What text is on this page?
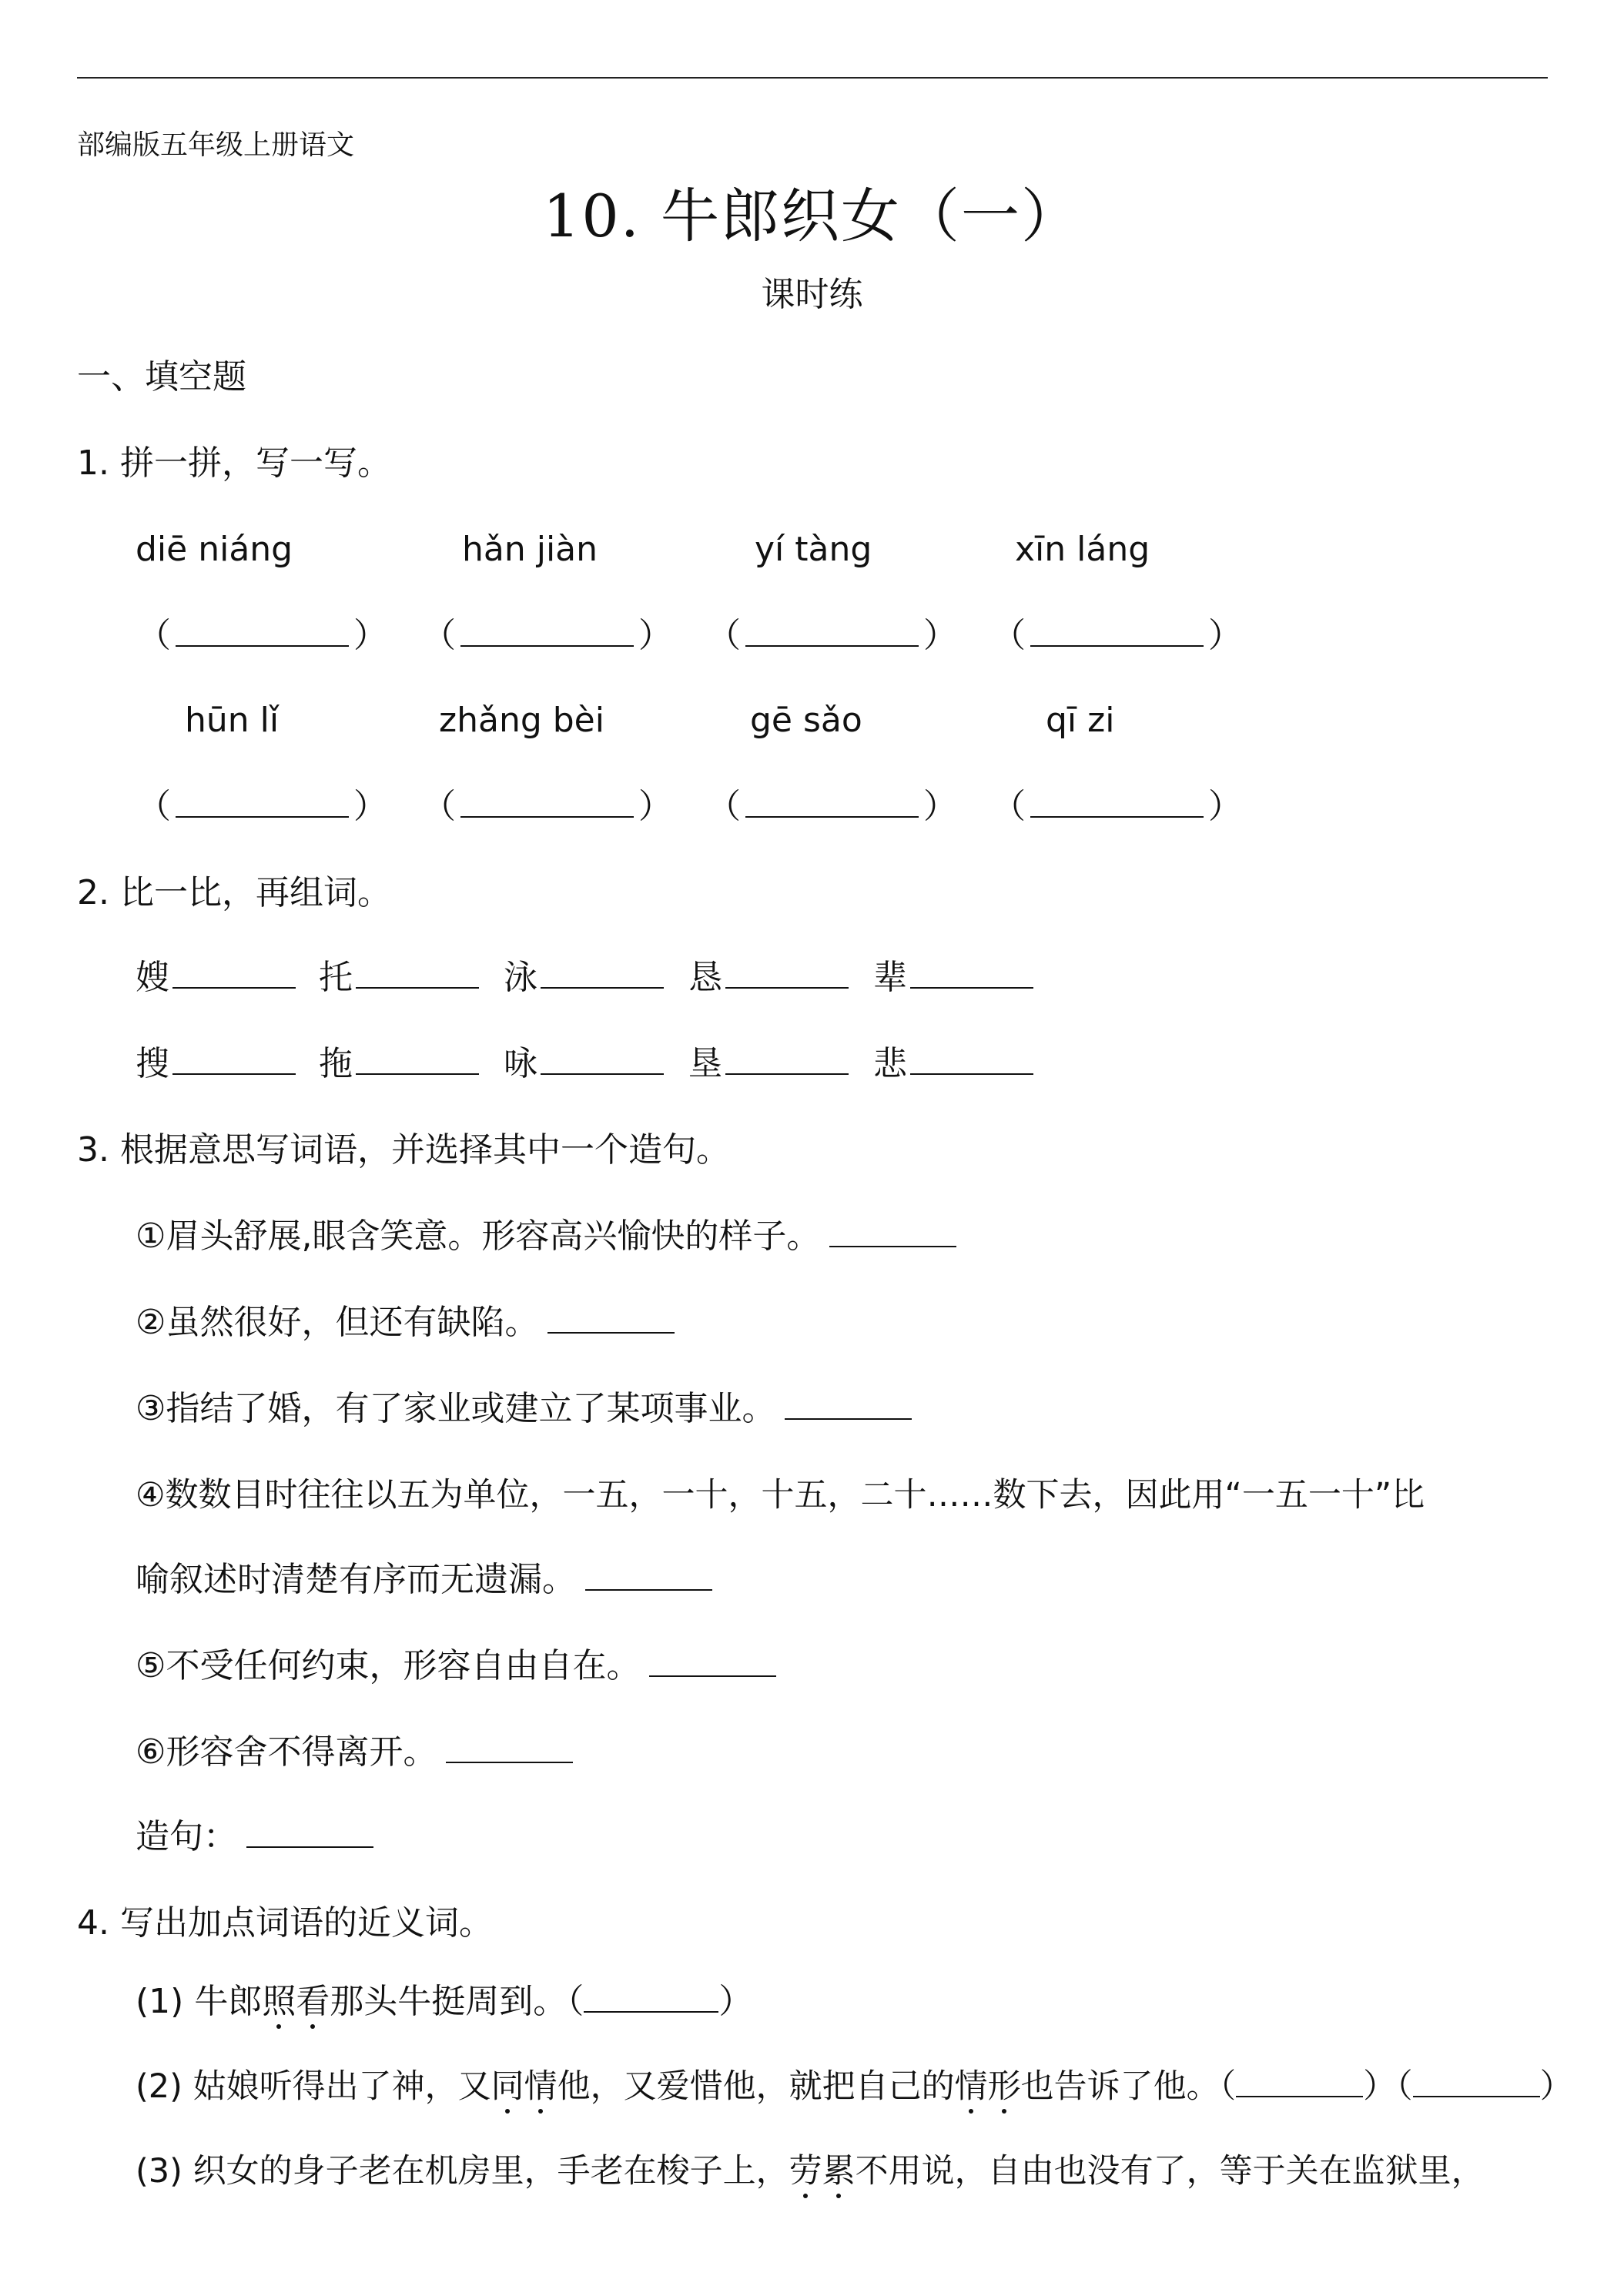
部编版五年级上册语文
10. 牛郎织女（一）
课时练
一、填空题
1. 拼一拼，写一写。
diē niáng	hǎn jiàn	yí tàng	xīn láng
（	） （	） （	） （	）
hūn lǐ	zhǎng bèi	gē sǎo	qī zi
（	） （	） （	） （	）
2. 比一比，再组词。
嫂	托	泳	恳	辈
搜	拖	咏	垦	悲
3. 根据意思写词语，并选择其中一个造句。
①眉头舒展,眼含笑意。形容高兴愉快的样子。
②虽然很好，但还有缺陷。
③指结了婚，有了家业或建立了某项事业。
④数数目时往往以五为单位，一五，一十，十五，二十……数下去，因此用“一五一十”比
喻叙述时清楚有序而无遗漏。
⑤不受任何约束，形容自由自在。
⑥形容舍不得离开。
造句：
4. 写出加点词语的近义词。
(1) 牛郎照看那头牛挺周到。（	）
(2) 姑娘听得出了神，又同情他，又爱惜他，就把自己的情形也告诉了他。（	）（	）
(3) 织女的身子老在机房里，手老在梭子上，劳累不用说，自由也没有了，等于关在监狱里，
